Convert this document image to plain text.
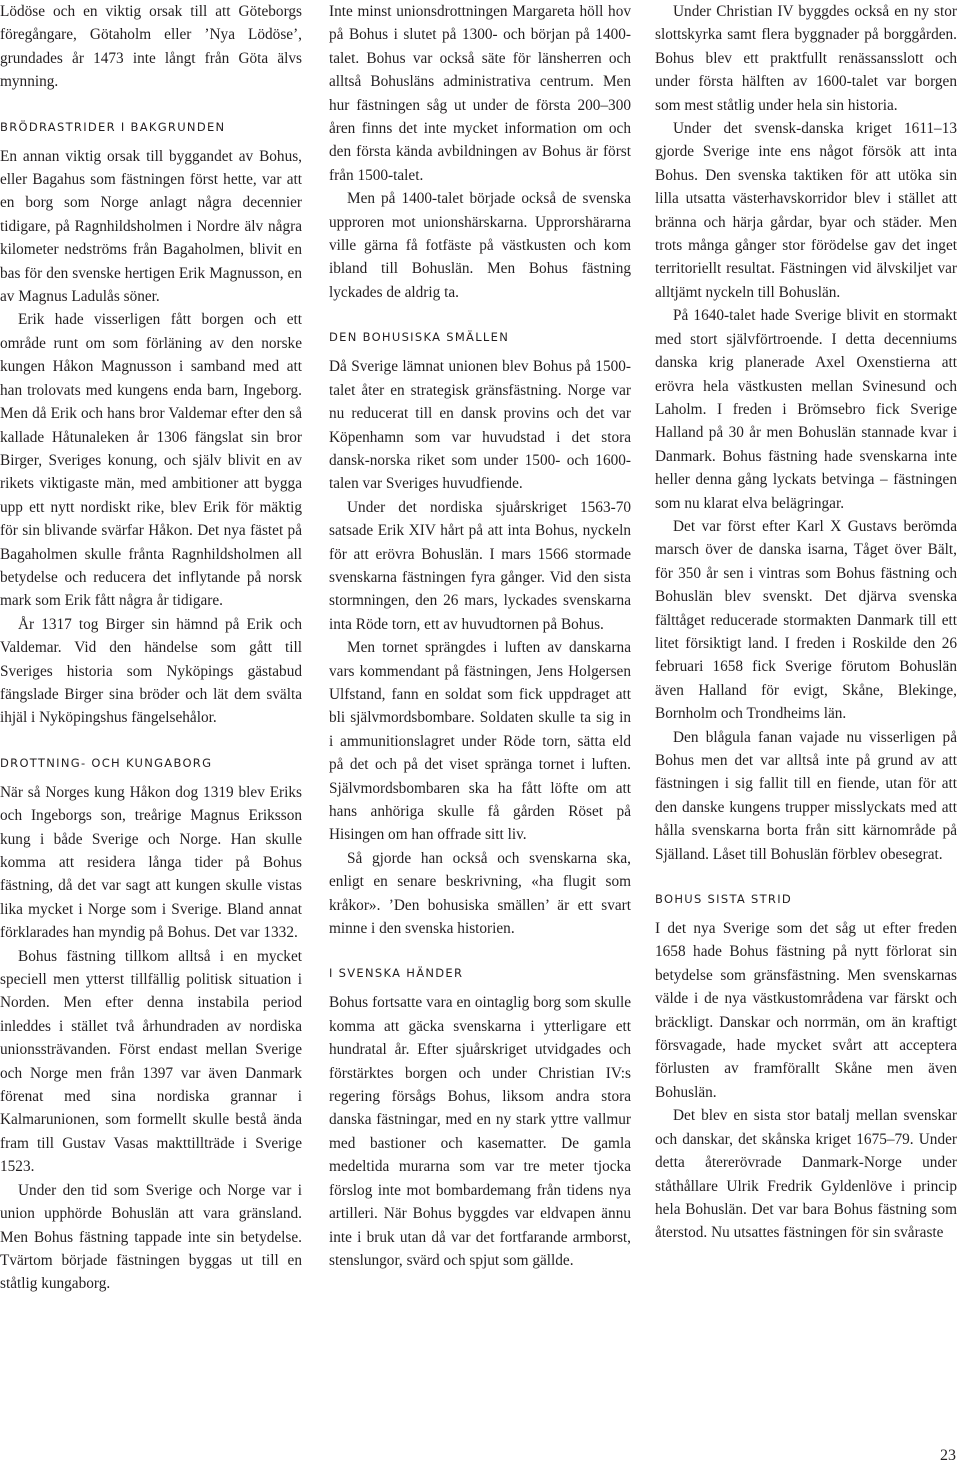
Lödöse och en viktig orsak till att Göteborgs föregångare, Götaholm eller ’Nya Lödöse’, grundades år 1473 inte långt från Göta älvs mynning.

BRÖDRASTRIDER I BAKGRUNDEN

En annan viktig orsak till byggandet av Bohus, eller Bagahus som fästningen först hette, var att en borg som Norge anlagt några decennier tidigare, på Ragnhildsholmen i Nordre älv några kilometer nedströms från Bagaholmen, blivit en bas för den svenske hertigen Erik Magnusson, en av Magnus Ladulås söner.

Erik hade visserligen fått borgen och ett område runt om som förläning av den norske kungen Håkon Magnusson i samband med att han trolovats med kungens enda barn, Ingeborg. Men då Erik och hans bror Valdemar efter den så kallade Håtunaleken år 1306 fängslat sin bror Birger, Sveriges konung, och själv blivit en av rikets viktigaste män, med ambitioner att bygga upp ett nytt nordiskt rike, blev Erik för mäktig för sin blivande svärfar Håkon. Det nya fästet på Bagaholmen skulle frånta Ragnhildsholmen all betydelse och reducera det inflytande på norsk mark som Erik fått några år tidigare.

År 1317 tog Birger sin hämnd på Erik och Valdemar. Vid den händelse som gått till Sveriges historia som Nyköpings gästabud fängslade Birger sina bröder och lät dem svälta ihjäl i Nyköpingshus fängelsehålor.

DROTTNING- OCH KUNGABORG

När så Norges kung Håkon dog 1319 blev Eriks och Ingeborgs son, treårige Magnus Eriksson kung i både Sverige och Norge. Han skulle komma att residera långa tider på Bohus fästning, då det var sagt att kungen skulle vistas lika mycket i Norge som i Sverige. Bland annat förklarades han myndig på Bohus. Det var 1332.

Bohus fästning tillkom alltså i en mycket speciell men ytterst tillfällig politisk situation i Norden. Men efter denna instabila period inleddes i stället två århundraden av nordiska unionssträvanden. Först endast mellan Sverige och Norge men från 1397 var även Danmark förenat med sina nordiska grannar i Kalmarunionen, som formellt skulle bestå ända fram till Gustav Vasas makttillträde i Sverige 1523.

Under den tid som Sverige och Norge var i union upphörde Bohuslän att vara gränsland. Men Bohus fästning tappade inte sin betydelse. Tvärtom började fästningen byggas ut till en ståtlig kungaborg.

Inte minst unionsdrottningen Margareta höll hov på Bohus i slutet på 1300- och början på 1400-talet. Bohus var också säte för länsherren och alltså Bohusläns administrativa centrum. Men hur fästningen såg ut under de första 200–300 åren finns det inte mycket information om och den första kända avbildningen av Bohus är först från 1500-talet.

Men på 1400-talet började också de svenska upproren mot unionshärskarna. Upprorshärarna ville gärna få fotfäste på västkusten och kom ibland till Bohuslän. Men Bohus fästning lyckades de aldrig ta.

DEN BOHUSISKA SMÄLLEN

Då Sverige lämnat unionen blev Bohus på 1500-talet åter en strategisk gränsfästning. Norge var nu reducerat till en dansk provins och det var Köpenhamn som var huvudstad i det stora dansk-norska riket som under 1500- och 1600-talen var Sveriges huvudfiende.

Under det nordiska sjuårskriget 1563-70 satsade Erik XIV hårt på att inta Bohus, nyckeln för att erövra Bohuslän. I mars 1566 stormade svenskarna fästningen fyra gånger. Vid den sista stormningen, den 26 mars, lyckades svenskarna inta Röde torn, ett av huvudtornen på Bohus.

Men tornet sprängdes i luften av danskarna vars kommendant på fästningen, Jens Holgersen Ulfstand, fann en soldat som fick uppdraget att bli självmordsbombare. Soldaten skulle ta sig in i ammunitionslagret under Röde torn, sätta eld på det och på det viset spränga tornet i luften. Självmordsbombaren ska ha fått löfte om att hans anhöriga skulle få gården Röset på Hisingen om han offrade sitt liv.

Så gjorde han också och svenskarna ska, enligt en senare beskrivning, «ha flugit som kråkor». ’Den bohusiska smällen’ är ett svart minne i den svenska historien.

I SVENSKA HÄNDER

Bohus fortsatte vara en ointaglig borg som skulle komma att gäcka svenskarna i ytterligare ett hundratal år. Efter sjuårskriget utvidgades och förstärktes borgen och under Christian IV:s regering försågs Bohus, liksom andra stora danska fästningar, med en ny stark yttre vallmur med bastioner och kasematter. De gamla medeltida murarna som var tre meter tjocka förslog inte mot bombardemang från tidens nya artilleri. När Bohus byggdes var eldvapen ännu inte i bruk utan då var det fortfarande armborst, stenslungor, svärd och spjut som gällde.

Under Christian IV byggdes också en ny stor slottskyrka samt flera byggnader på borggården. Bohus blev ett praktfullt renässansslott och under första hälften av 1600-talet var borgen som mest ståtlig under hela sin historia.

Under det svensk-danska kriget 1611–13 gjorde Sverige inte ens något försök att inta Bohus. Den svenska taktiken för att utöka sin lilla utsatta västerhavskorridor blev i stället att bränna och härja gårdar, byar och städer. Men trots många gånger stor förödelse gav det inget territoriellt resultat. Fästningen vid älvskiljet var alltjämt nyckeln till Bohuslän.

På 1640-talet hade Sverige blivit en stormakt med stort självförtroende. I detta decenniums danska krig planerade Axel Oxenstierna att erövra hela västkusten mellan Svinesund och Laholm. I freden i Brömsebro fick Sverige Halland på 30 år men Bohuslän stannade kvar i Danmark. Bohus fästning hade svenskarna inte heller denna gång lyckats betvinga – fästningen som nu klarat elva belägringar.

Det var först efter Karl X Gustavs berömda marsch över de danska isarna, Tåget över Bält, för 350 år sen i vintras som Bohus fästning och Bohuslän blev svenskt. Det djärva svenska fälttåget reducerade stormakten Danmark till ett litet försiktigt land. I freden i Roskilde den 26 februari 1658 fick Sverige förutom Bohuslän även Halland för evigt, Skåne, Blekinge, Bornholm och Trondheims län.

Den blågula fanan vajade nu visserligen på Bohus men det var alltså inte på grund av att fästningen i sig fallit till en fiende, utan för att den danske kungens trupper misslyckats med att hålla svenskarna borta från sitt kärnområde på Själland. Låset till Bohuslän förblev obesegrat.

BOHUS SISTA STRID

I det nya Sverige som det såg ut efter freden 1658 hade Bohus fästning på nytt förlorat sin betydelse som gränsfästning. Men svenskarnas välde i de nya västkustområdena var färskt och bräckligt. Danskar och norrmän, om än kraftigt försvagade, hade mycket svårt att acceptera förlusten av framförallt Skåne men även Bohuslän.

Det blev en sista stor batalj mellan svenskar och danskar, det skånska kriget 1675–79. Under detta återerövrade Danmark-Norge under ståthållare Ulrik Fredrik Gyldenlöve i princip hela Bohuslän. Det var bara Bohus fästning som återstod. Nu utsattes fästningen för sin svåraste

23
